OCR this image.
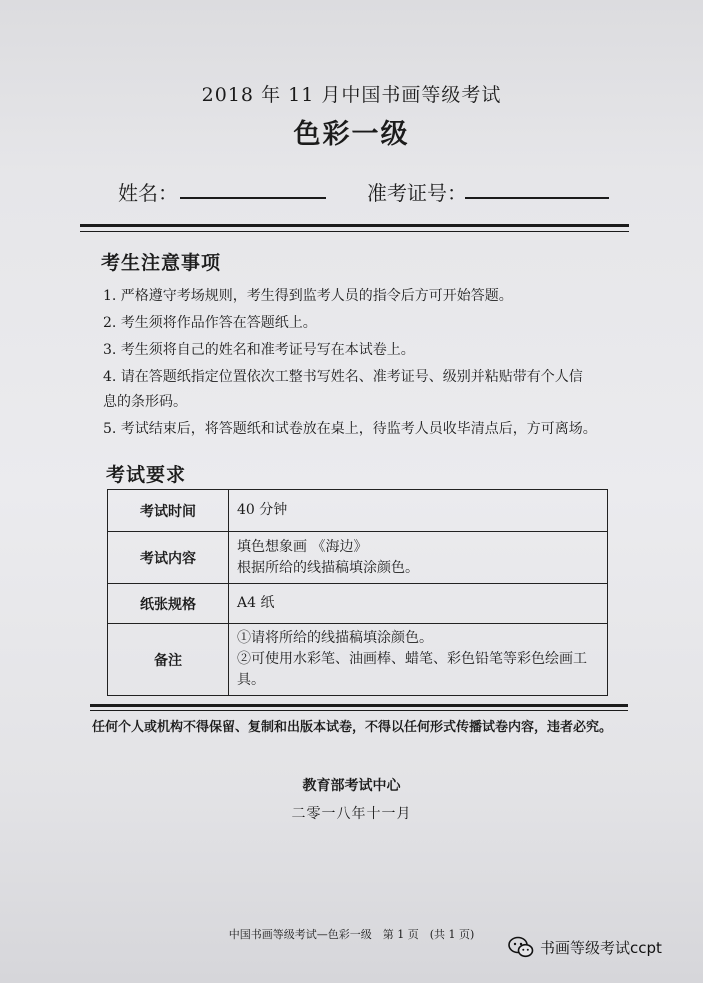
2018 年 11 月中国书画等级考试
色彩一级
姓名：	准考证号：
考生注意事项
1. 严格遵守考场规则，考生得到监考人员的指令后方可开始答题。
2. 考生须将作品作答在答题纸上。
3. 考生须将自己的姓名和准考证号写在本试卷上。
4. 请在答题纸指定位置依次工整书写姓名、准考证号、级别并粘贴带有个人信
息的条形码。
5. 考试结束后，将答题纸和试卷放在桌上，待监考人员收毕清点后，方可离场。
考试要求
考试时间	40 分钟

考试内容	填色想象画 《海边》
根据所给的线描稿填涂颜色。

纸张规格	A4 纸

备注	①请将所给的线描稿填涂颜色。
②可使用水彩笔、油画棒、蜡笔、彩色铅笔等彩色绘画工具。
任何个人或机构不得保留、复制和出版本试卷，不得以任何形式传播试卷内容，违者必究。
教育部考试中心
二零一八年十一月
中国书画等级考试—色彩一级　第 1 页　(共 1 页)
书画等级考试ccpt
